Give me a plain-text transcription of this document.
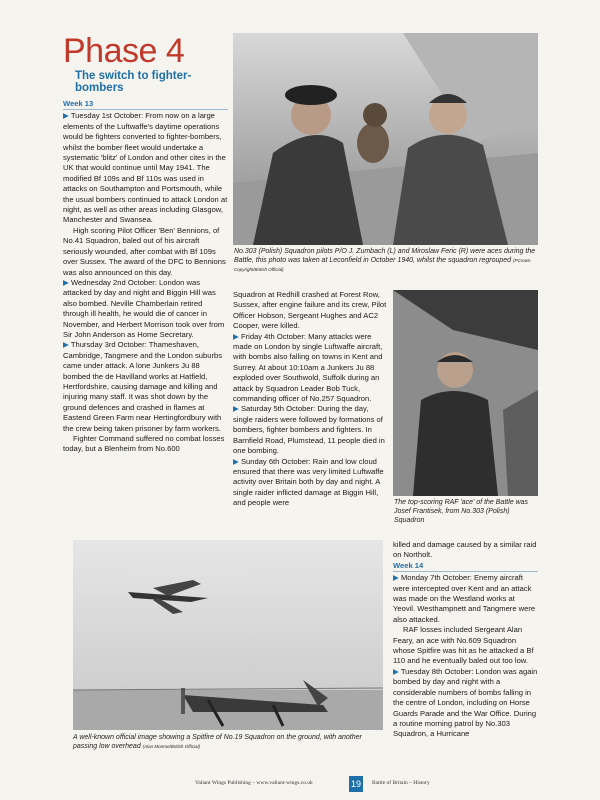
Phase 4
The switch to fighter-bombers
Week 13

▶ Tuesday 1st October: From now on a large elements of the Luftwaffe's daytime operations would be fighters converted to fighter-bombers, whilst the bomber fleet would undertake a systematic 'blitz' of London and other cites in the UK that would continue until May 1941. The modified Bf 109s and Bf 110s was used in attacks on Southampton and Portsmouth, while the usual bombers continued to attack London at night, as well as other areas including Glasgow, Manchester and Swansea.

High scoring Pilot Officer 'Ben' Bennions, of No.41 Squadron, baled out of his aircraft seriously wounded, after combat with Bf 109s over Sussex. The award of the DFC to Bennions was also announced on this day.

▶ Wednesday 2nd October: London was attacked by day and night and Biggin Hill was also bombed. Neville Chamberlain retired through ill health, he would die of cancer in November, and Herbert Morrison took over from Sir John Anderson as Home Secretary.

▶ Thursday 3rd October: Thameshaven, Cambridge, Tangmere and the London suburbs came under attack. A lone Junkers Ju 88 bombed the de Havilland works at Hatfield, Hertfordshire, causing damage and killing and injuring many staff. It was shot down by the ground defences and crashed in flames at Eastend Green Farm near Hertingfordbury with the crew being taken prisoner by farm workers.

Fighter Command suffered no combat losses today, but a Blenheim from No.600

No.303 (Polish) Squadron pilots P/O J. Zumbach (L) and Miroslaw Feric (R) were aces during the Battle, this photo was taken at Leconfield in October 1940, whilst the squadron regrouped (PCrown Copyright/British Official)

Squadron at Redhill crashed at Forest Row, Sussex, after engine failure and its crew, Pilot Officer Hobson, Sergeant Hughes and AC2 Cooper, were killed.

▶ Friday 4th October: Many attacks were made on London by single Luftwaffe aircraft, with bombs also falling on towns in Kent and Surrey. At about 10:10am a Junkers Ju 88 exploded over Southwold, Suffolk during an attack by Squadron Leader Bob Tuck, commanding officer of No.257 Squadron.

▶ Saturday 5th October: During the day, single raiders were followed by formations of bombers, fighter bombers and fighters. In Barnfield Road, Plumstead, 11 people died in one bombing.

▶ Sunday 6th October: Rain and low cloud ensured that there was very limited Luftwaffe activity over Britain both by day and night. A single raider inflicted damage at Biggin Hill, and people were	The top-scoring RAF 'ace' of the Battle was Josef Frantisek, from No.303 (Polish) Squadron
A well-known official image showing a Spitfire of No.19 Squadron on the ground, with another passing low overhead (Alan Monroe/British Official)

killed and damage caused by a similar raid on Northolt.

Week 14

▶ Monday 7th October: Enemy aircraft were intercepted over Kent and an attack was made on the Westland works at Yeovil. Westhampnett and Tangmere were also attacked.

RAF losses included Sergeant Alan Feary, an ace with No.609 Squadron whose Spitfire was hit as he attacked a Bf 110 and he eventually baled out too low.

▶ Tuesday 8th October: London was again bombed by day and night with a considerable numbers of bombs falling in the centre of London, including on Horse Guards Parade and the War Office. During a routine morning patrol by No.303 Squadron, a Hurricane

Valiant Wings Publishing – www.valiant-wings.co.uk	19	Battle of Britain – History
